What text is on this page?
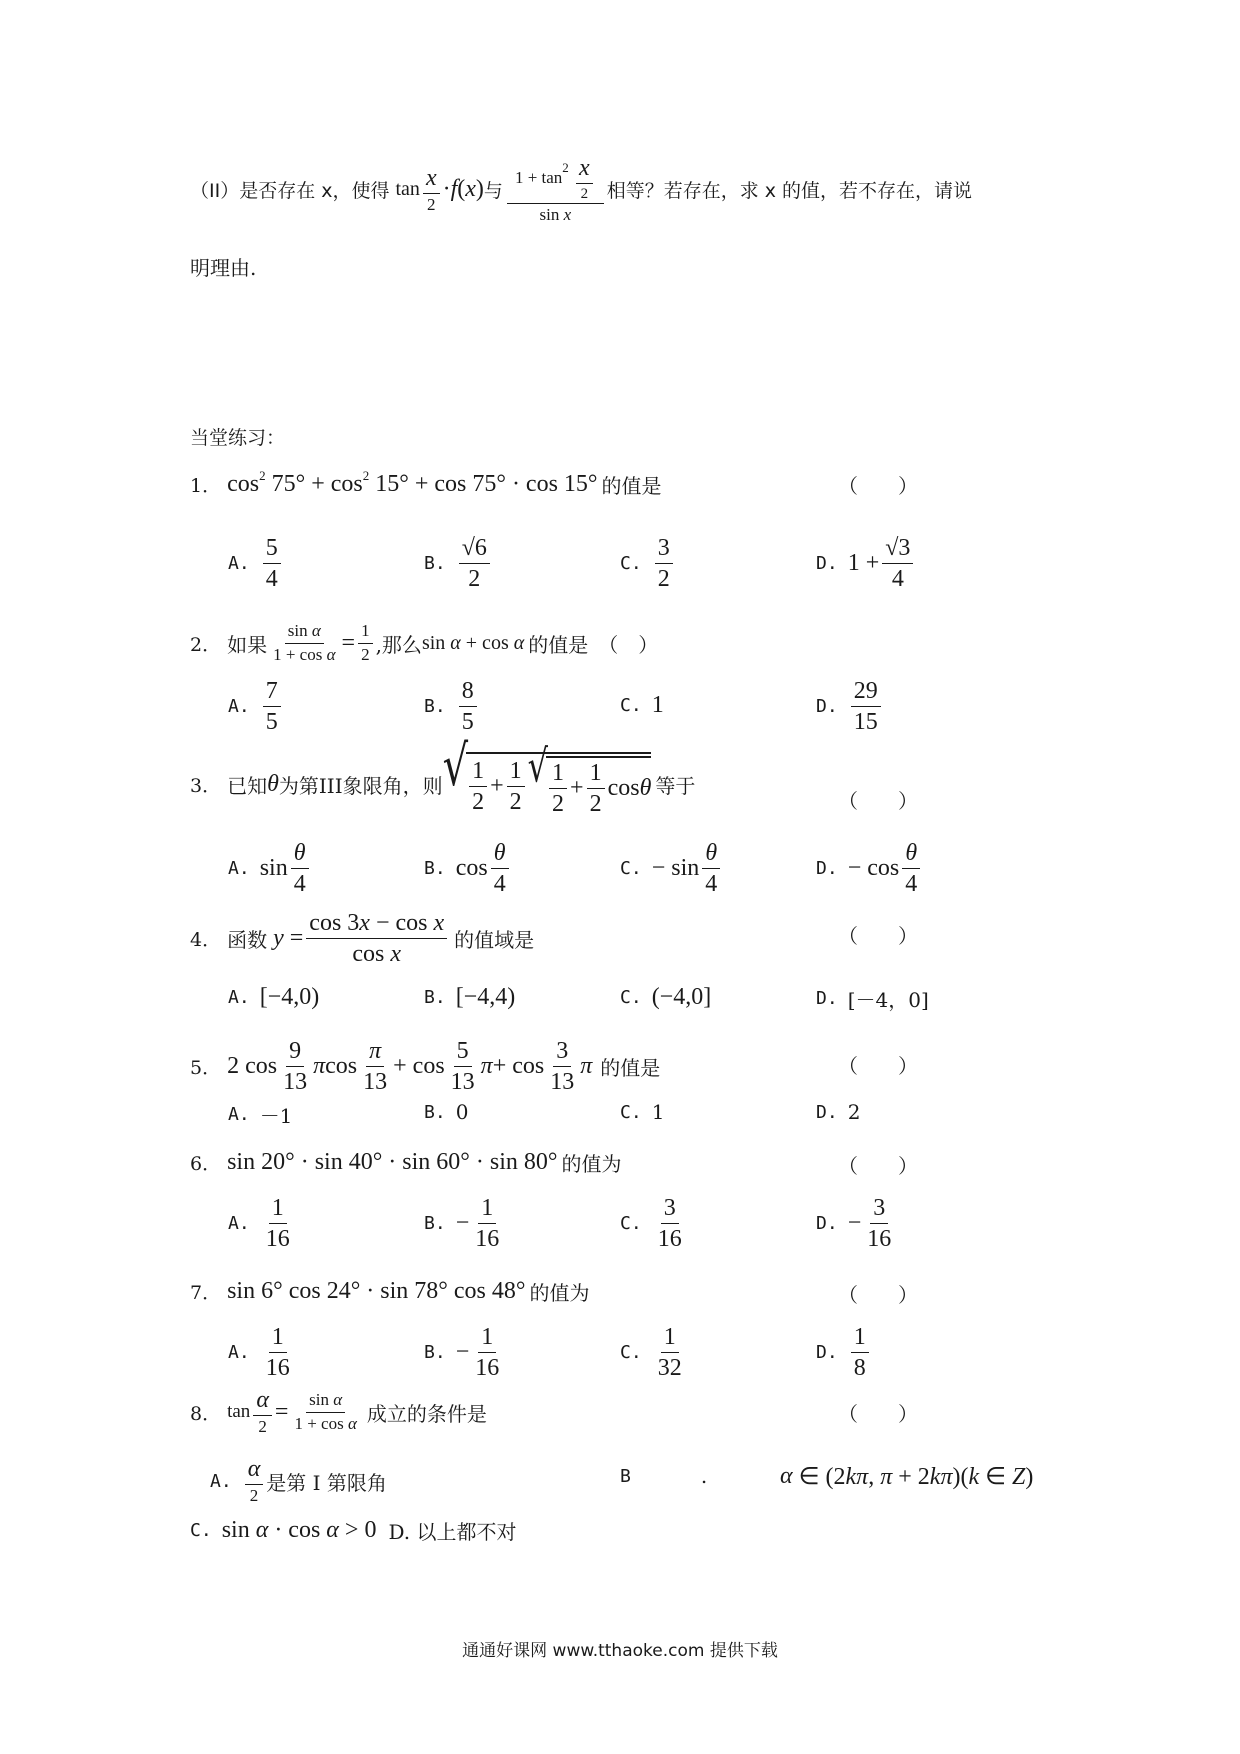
（II）是否存在 x，使得 $\tan \frac{x}{2} \cdot f$ ( x ) 与 $\frac{1 + \tan^2 \frac{x}{2}}{\text{sin x}}$ 相等？若存在，求 x 的值，若不存在，请说
明理由.
当堂练习：
1． $\cos^2 75^\circ + \cos^2 15^\circ + \cos 75^\circ \cdot \cos 15^\circ$ 的值是	（　）
A. $\frac{5}{4}$	B. $\frac{√6}{2}$	C. $\frac{3}{2}$	D. $1 + \frac{√3}{4}$
2． 如果 $\frac{\text{sin α}}{\text{1 + cos α}} = \frac{1}{2}$ ,那么 sin α + cos α 的值是 （　）
A. $\frac{7}{5}$	B. $\frac{8}{5}$	C. 1	D. $\frac{29}{15}$
3． 已知 θ 为第III象限角，则 √ $\frac{1}{2} + \frac{1}{2}$ √ $\frac{1}{2} + \frac{1}{2}$ cosθ 等于
（　）
A. $\sin \frac{\theta}{4}$	B. $\cos \frac{\theta}{4}$	C. − $\sin \frac{\theta}{4}$	D. − $\cos \frac{\theta}{4}$
4． 函数 $y = \frac{\text{cos 3x − cos x}}{\text{cos x}}$ 的值域是	（　）
A. [−4,0)	B. [−4,4)	C. (−4,0]	D. [－4，0]
5． 2 $\cos \frac{9}{13}$ π $\cos \frac{\pi}{13} + \cos \frac{5}{13}$ $\pi + \cos \frac{3}{13}$ π 的值是	（　）
A. －1	B. 0	C. 1	D. 2
6． sin 20° · sin 40° · sin 60° · sin 80° 的值为	（　）
A. $\frac{1}{16}$	B. − $\frac{1}{16}$	C. $\frac{3}{16}$	D. − $\frac{3}{16}$
7． sin 6° cos 24° · sin 78° cos 48° 的值为	（　）
A. $\frac{1}{16}$	B. − $\frac{1}{16}$	C. $\frac{1}{32}$	D. $\frac{1}{8}$
8． $\tan \frac{\alpha}{2} = \frac{\text{sin α}}{\text{1 + cos α}}$ 成立的条件是	（　）
A. $\frac{\alpha}{2}$ 是第 I 第限角	B	.	α ∈ (2kπ, π + 2kπ)(k ∈ Z)
C. sin α · cos α > 0 D. 以上都不对
通通好课网 www.tthaoke.com 提供下载
